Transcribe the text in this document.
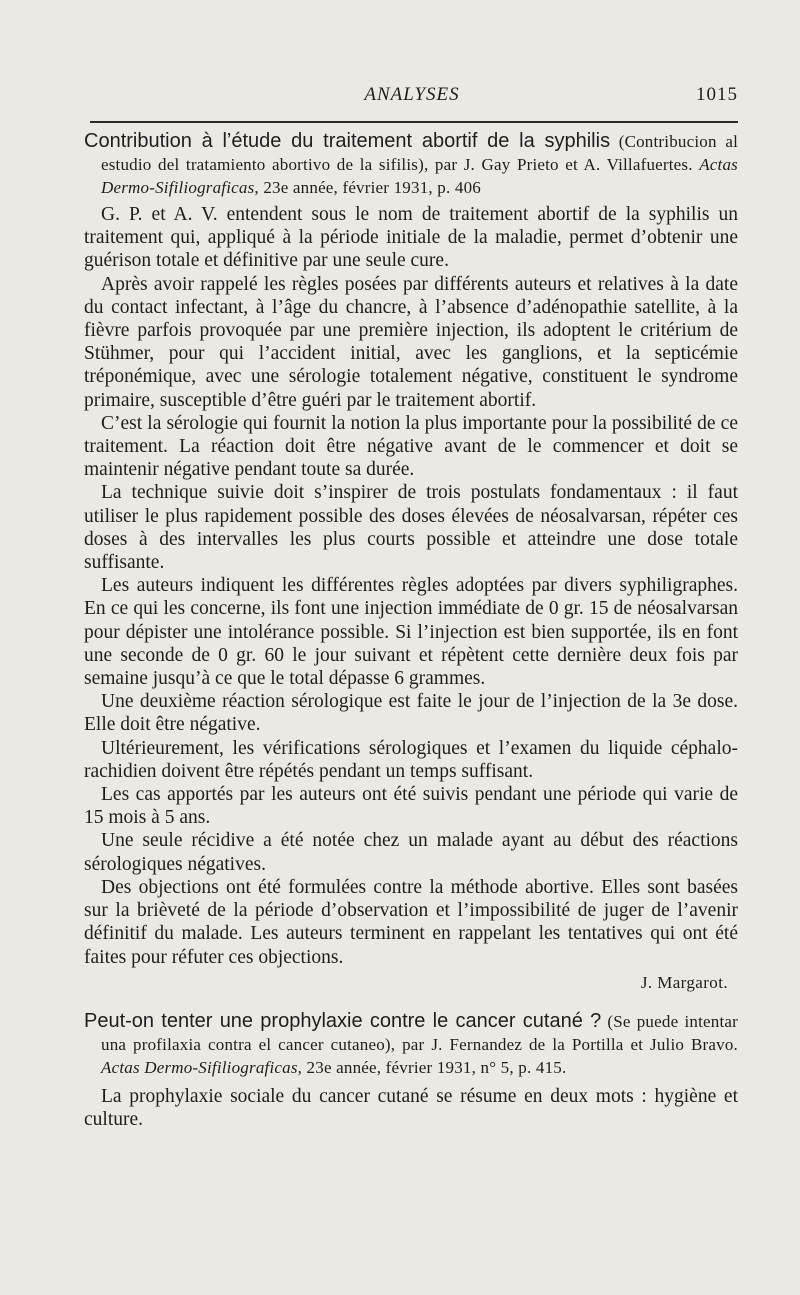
ANALYSES	1015

Contribution à l’étude du traitement abortif de la syphilis (Contribucion al estudio del tratamiento abortivo de la sifilis), par J. Gay Prieto et A. Villafuertes. Actas Dermo-Sifiliograficas, 23e année, février 1931, p. 406

G. P. et A. V. entendent sous le nom de traitement abortif de la syphilis un traitement qui, appliqué à la période initiale de la maladie, permet d’obtenir une guérison totale et définitive par une seule cure.

Après avoir rappelé les règles posées par différents auteurs et relatives à la date du contact infectant, à l’âge du chancre, à l’absence d’adénopathie satellite, à la fièvre parfois provoquée par une première injection, ils adoptent le critérium de Stühmer, pour qui l’accident initial, avec les ganglions, et la septicémie tréponémique, avec une sérologie totalement négative, constituent le syndrome primaire, susceptible d’être guéri par le traitement abortif.

C’est la sérologie qui fournit la notion la plus importante pour la possibilité de ce traitement. La réaction doit être négative avant de le commencer et doit se maintenir négative pendant toute sa durée.

La technique suivie doit s’inspirer de trois postulats fondamentaux : il faut utiliser le plus rapidement possible des doses élevées de néosalvarsan, répéter ces doses à des intervalles les plus courts possible et atteindre une dose totale suffisante.

Les auteurs indiquent les différentes règles adoptées par divers syphiligraphes. En ce qui les concerne, ils font une injection immédiate de 0 gr. 15 de néosalvarsan pour dépister une intolérance possible. Si l’injection est bien supportée, ils en font une seconde de 0 gr. 60 le jour suivant et répètent cette dernière deux fois par semaine jusqu’à ce que le total dépasse 6 grammes.

Une deuxième réaction sérologique est faite le jour de l’injection de la 3e dose. Elle doit être négative.

Ultérieurement, les vérifications sérologiques et l’examen du liquide céphalo-rachidien doivent être répétés pendant un temps suffisant.

Les cas apportés par les auteurs ont été suivis pendant une période qui varie de 15 mois à 5 ans.

Une seule récidive a été notée chez un malade ayant au début des réactions sérologiques négatives.

Des objections ont été formulées contre la méthode abortive. Elles sont basées sur la brièveté de la période d’observation et l’impossibilité de juger de l’avenir définitif du malade. Les auteurs terminent en rappelant les tentatives qui ont été faites pour réfuter ces objections.

J. Margarot.

Peut-on tenter une prophylaxie contre le cancer cutané ? (Se puede intentar una profilaxia contra el cancer cutaneo), par J. Fernandez de la Portilla et Julio Bravo. Actas Dermo-Sifiliograficas, 23e année, février 1931, n° 5, p. 415.

La prophylaxie sociale du cancer cutané se résume en deux mots : hygiène et culture.
